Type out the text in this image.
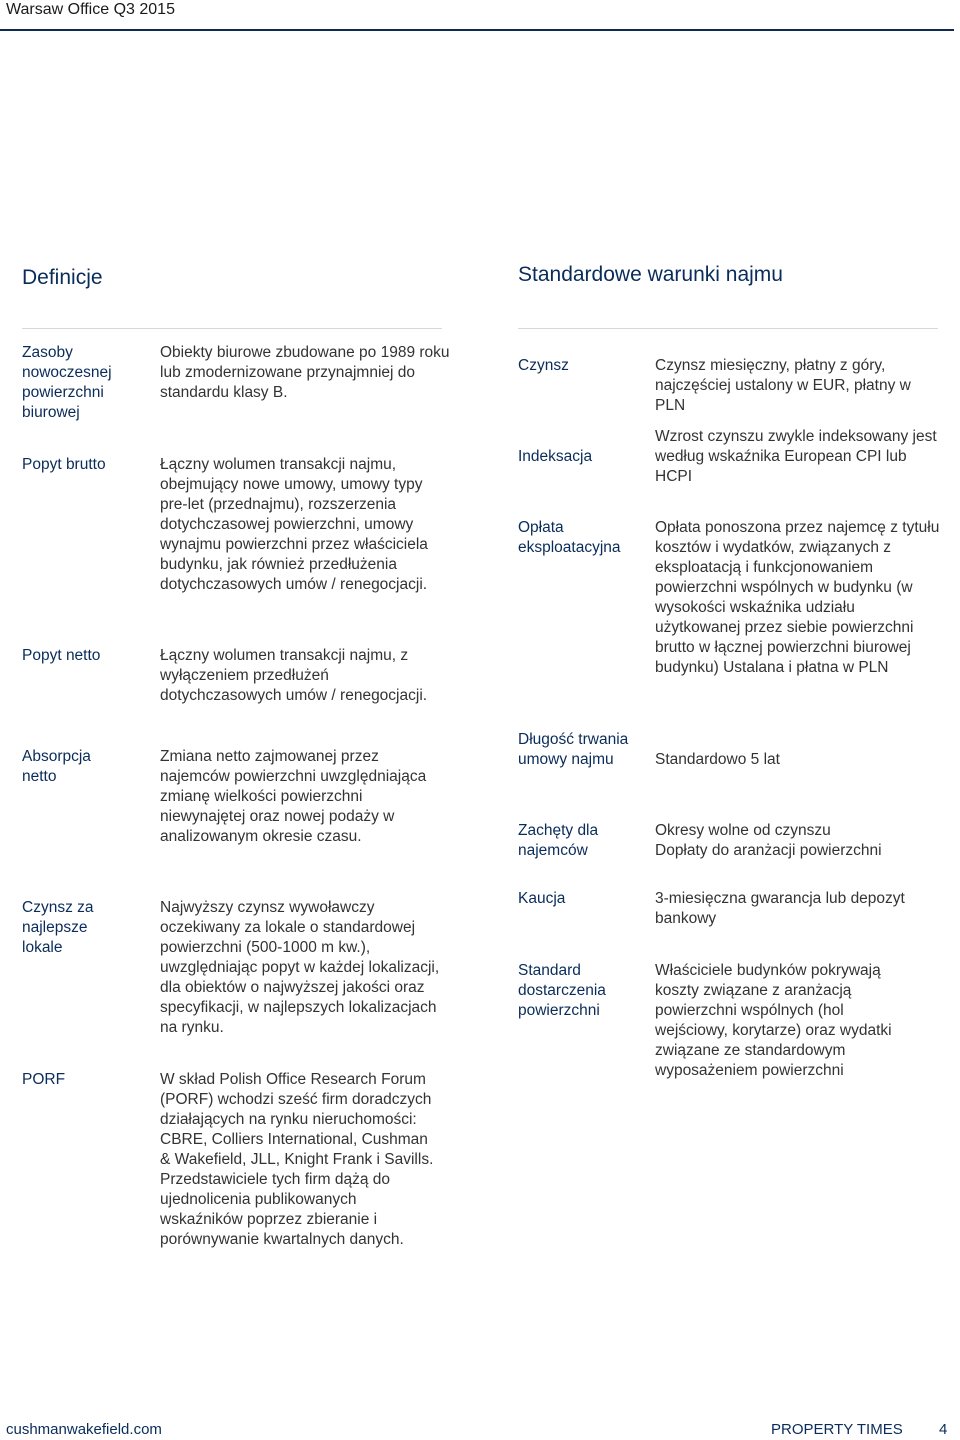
Warsaw Office Q3 2015
Definicje	Standardowe warunki najmu
Zasoby nowoczesnej powierzchni biurowej
Popyt brutto
Popyt netto
Absorpcja netto
Czynsz za najlepsze lokale
PORF
Obiekty biurowe zbudowane po 1989 roku lub zmodernizowane przynajmniej do standardu klasy B.
Łączny wolumen transakcji najmu, obejmujący nowe umowy, umowy typy pre-let (przednajmu), rozszerzenia dotychczasowej powierzchni, umowy wynajmu powierzchni przez właściciela budynku, jak również przedłużenia dotychczasowych umów / renegocjacji.
Łączny wolumen transakcji najmu, z wyłączeniem przedłużeń dotychczasowych umów / renegocjacji.
Zmiana netto zajmowanej przez najemców powierzchni uwzględniająca zmianę wielkości powierzchni niewynajętej oraz nowej podaży w analizowanym okresie czasu.
Najwyższy czynsz wywoławczy oczekiwany za lokale o standardowej powierzchni (500-1000 m kw.), uwzględniając popyt w każdej lokalizacji, dla obiektów o najwyższej jakości oraz specyfikacji, w najlepszych lokalizacjach na rynku.
W skład Polish Office Research Forum (PORF) wchodzi sześć firm doradczych działających na rynku nieruchomości: CBRE, Colliers International, Cushman & Wakefield, JLL, Knight Frank i Savills. Przedstawiciele tych firm dążą do ujednolicenia publikowanych wskaźników poprzez zbieranie i porównywanie kwartalnych danych.
Czynsz
Indeksacja
Opłata eksploatacyjna
Długość trwania umowy najmu
Zachęty dla najemców
Kaucja
Standard dostarczenia powierzchni
Czynsz miesięczny, płatny z góry, najczęściej ustalony w EUR, płatny w PLN
Wzrost czynszu zwykle indeksowany jest według wskaźnika European CPI lub HCPI
Opłata ponoszona przez najemcę z tytułu kosztów i wydatków, związanych z eksploatacją i funkcjonowaniem powierzchni wspólnych w budynku (w wysokości wskaźnika udziału użytkowanej przez siebie powierzchni brutto w łącznej powierzchni biurowej budynku) Ustalana i płatna w PLN
Standardowo 5 lat
Okresy wolne od czynszu
Dopłaty do aranżacji powierzchni
3-miesięczna gwarancja lub depozyt bankowy
Właściciele budynków pokrywają koszty związane z aranżacją powierzchni wspólnych (hol wejściowy, korytarze) oraz wydatki związane ze standardowym wyposażeniem powierzchni
cushmanwakefield.com	PROPERTY TIMES 4
